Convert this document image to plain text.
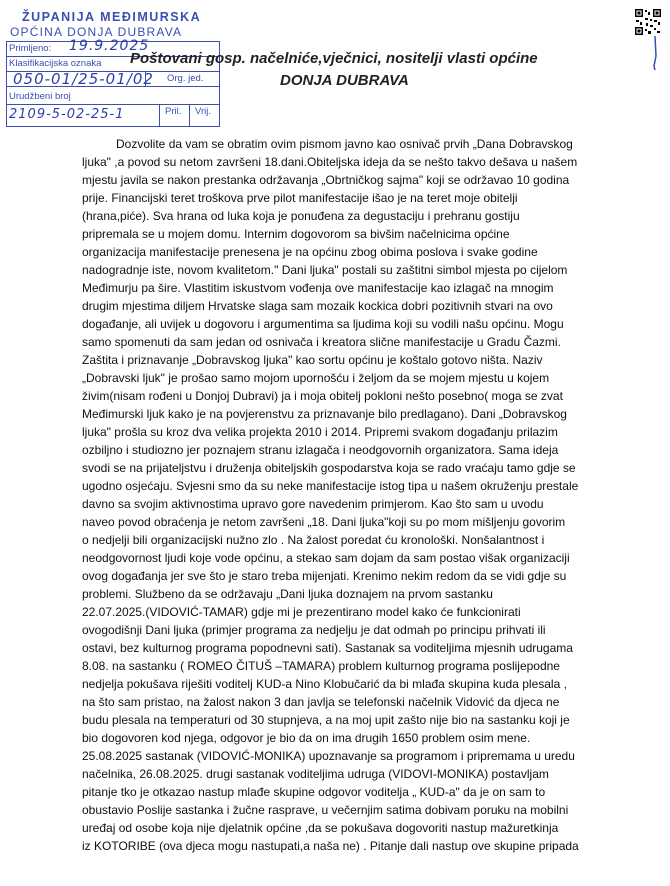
ŽUPANIJA MEĐIMURSKA
OPĆINA DONJA DUBRAVA
Primljeno: 19.9.2025
Klasifikacijska oznaka
Org. jed.
050-01/25-01/02
Urudžbeni broj
Pril. Vrij.
2109-5-02-25-1
Poštovani gosp. načelniće,vječnici, nositelji vlasti općine
DONJA DUBRAVA
Dozvolite da vam se obratim ovim pismom javno kao osnivač prvih „Dana Dobravskog
ljuka" ,a povod su netom završeni 18.dani.Obiteljska ideja da se nešto takvo dešava u našem
mjestu javila se nakon prestanka održavanja „Obrtničkog sajma" koji se održavao 10 godina
prije. Financijski teret troškova prve pilot manifestacije išao je na teret moje obitelji
(hrana,piće). Sva hrana od luka koja je ponuđena za degustaciju i prehranu gostiju
pripremala se u mojem domu. Internim dogovorom sa bivšim načelnicima općine
organizacija manifestacije prenesena je na općinu zbog obima poslova i svake godine
nadogradnje iste, novom kvalitetom." Dani ljuka" postali su zaštitni simbol mjesta po cijelom
Međimurju pa šire. Vlastitim iskustvom vođenja ove manifestacije kao izlagač na mnogim
drugim mjestima diljem Hrvatske slaga sam mozaik kockica dobri pozitivnih stvari na ovo
događanje, ali uvijek u dogovoru i argumentima sa ljudima koji su vodili našu općinu. Mogu
samo spomenuti da sam jedan od osnivača i kreatora slične manifestacije u Gradu Čazmi.
Zaštita i priznavanje „Dobravskog ljuka" kao sortu općinu je koštalo gotovo ništa. Naziv
„Dobravski ljuk" je prošao samo mojom upornošću i željom da se mojem mjestu u kojem
živim(nisam rođeni u Donjoj Dubravi) ja i moja obitelj pokloni nešto posebno( moga se zvat
Međimurski ljuk kako je na povjerenstvu za priznavanje bilo predlagano). Dani „Dobravskog
ljuka" prošla su kroz dva velika projekta 2010 i 2014. Pripremi svakom događanju prilazim
ozbiljno i studiozno jer poznajem stranu izlagača i neodgovornih organizatora. Sama ideja
svodi se na prijateljstvu i druženja obiteljskih gospodarstva koja se rado vraćaju tamo gdje se
ugodno osjećaju. Svjesni smo da su neke manifestacije istog tipa u našem okruženju prestale
davno sa svojim aktivnostima upravo gore navedenim primjerom. Kao što sam u uvodu
naveo povod obraćenja je netom završeni „18. Dani ljuka"koji su po mom mišljenju govorim
o nedjelji bili organizacijski nužno zlo . Na žalost poredat ću kronološki. Nonšalantnost i
neodgovornost ljudi koje vode općinu, a stekao sam dojam da sam postao višak organizaciji
ovog događanja jer sve što je staro treba mijenjati. Krenimo nekim redom da se vidi gdje su
problemi. Službeno da se održavaju „Dani ljuka doznajem na prvom sastanku
22.07.2025.(VIDOVIĆ-TAMAR) gdje mi je prezentirano model kako će funkcionirati
ovogodišnji Dani ljuka (primjer programa za nedjelju je dat odmah po principu prihvati ili
ostavi, bez kulturnog programa popodnevni sati). Sastanak sa voditeljima mjesnih udrugama
8.08. na sastanku ( ROMEO ČITUŠ –TAMARA) problem kulturnog programa poslijepodne
nedjelja pokušava riješiti voditelj KUD-a Nino Klobučarić da bi mlađa skupina kuda plesala ,
na što sam pristao, na žalost nakon 3 dan javlja se telefonski načelnik Vidović da djeca ne
budu plesala na temperaturi od 30 stupnjeva, a na moj upit zašto nije bio na sastanku koji je
bio dogovoren kod njega, odgovor je bio da on ima drugih 1650 problem osim mene.
25.08.2025 sastanak (VIDOVIĆ-MONIKA) upoznavanje sa programom i pripremama u uredu
načelnika, 26.08.2025. drugi sastanak voditeljima udruga (VIDOVI-MONIKA) postavljam
pitanje tko je otkazao nastup mlađe skupine odgovor voditelja „ KUD-a" da je on sam to
obustavio Poslije sastanka i žučne rasprave, u večernjim satima dobivam poruku na mobilni
uređaj od osobe koja nije djelatnik općine ,da se pokušava dogovoriti nastup mažuretkinja
iz KOTORIBE (ova djeca mogu nastupati,a naša ne) . Pitanje dali nastup ove skupine pripada
